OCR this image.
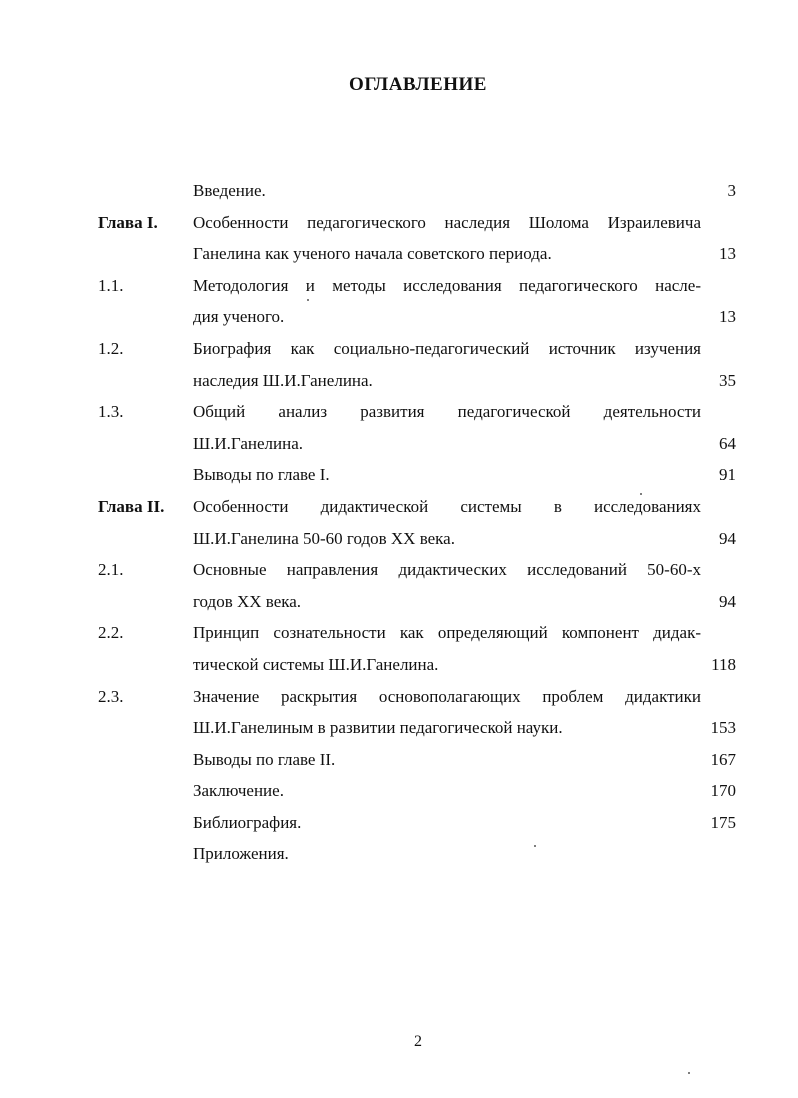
ОГЛАВЛЕНИЕ
Введение.	3
Глава I. Особенности педагогического наследия Шолома Израилевича
Ганелина как ученого начала советского периода.	13
1.1.	Методология и методы исследования педагогического насле-
дия ученого.	13
1.2.	Биография как социально-педагогический источник изучения
наследия Ш.И.Ганелина.	35
1.3.	Общий анализ развития педагогической деятельности
Ш.И.Ганелина.	64
Выводы по главе I.	91
Глава II. Особенности дидактической системы в исследованиях
Ш.И.Ганелина 50-60 годов XX века.	94
2.1.	Основные направления дидактических исследований 50-60-х
годов XX века.	94
2.2.	Принцип сознательности как определяющий компонент дидак-
тической системы Ш.И.Ганелина.	118
2.3.	Значение раскрытия основополагающих проблем дидактики
Ш.И.Ганелиным в развитии педагогической науки.	153
Выводы по главе II.	167
Заключение.	170
Библиография.	175
Приложения.
2
